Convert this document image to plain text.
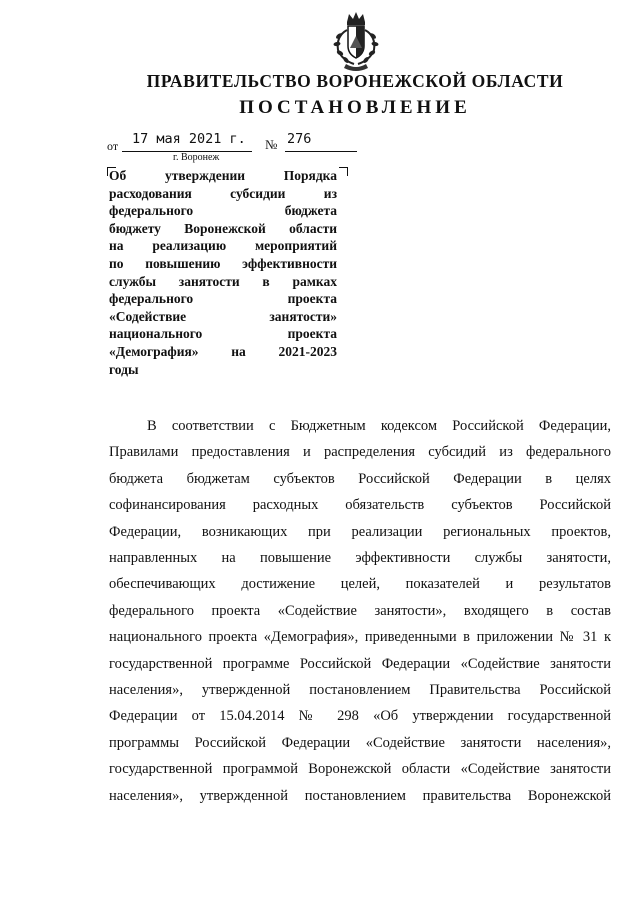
ПРАВИТЕЛЬСТВО ВОРОНЕЖСКОЙ ОБЛАСТИ
ПОСТАНОВЛЕНИЕ
от 17 мая 2021 г. № 276
г. Воронеж
Об утверждении Порядка
расходования субсидии из
федерального бюджета
бюджету Воронежской области
на реализацию мероприятий
по повышению эффективности
службы занятости в рамках
федерального проекта
«Содействие занятости»
национального проекта
«Демография» на 2021-2023
годы
В соответствии с Бюджетным кодексом Российской Федерации,
Правилами предоставления и распределения субсидий из федерального
бюджета бюджетам субъектов Российской Федерации в целях
софинансирования расходных обязательств субъектов Российской
Федерации, возникающих при реализации региональных проектов,
направленных на повышение эффективности службы занятости,
обеспечивающих достижение целей, показателей и результатов
федерального проекта «Содействие занятости», входящего в состав
национального проекта «Демография», приведенными в приложении № 31 к
государственной программе Российской Федерации «Содействие занятости
населения», утвержденной постановлением Правительства Российской
Федерации от 15.04.2014 № 298 «Об утверждении государственной
программы Российской Федерации «Содействие занятости населения»,
государственной программой Воронежской области «Содействие занятости
населения», утвержденной постановлением правительства Воронежской
